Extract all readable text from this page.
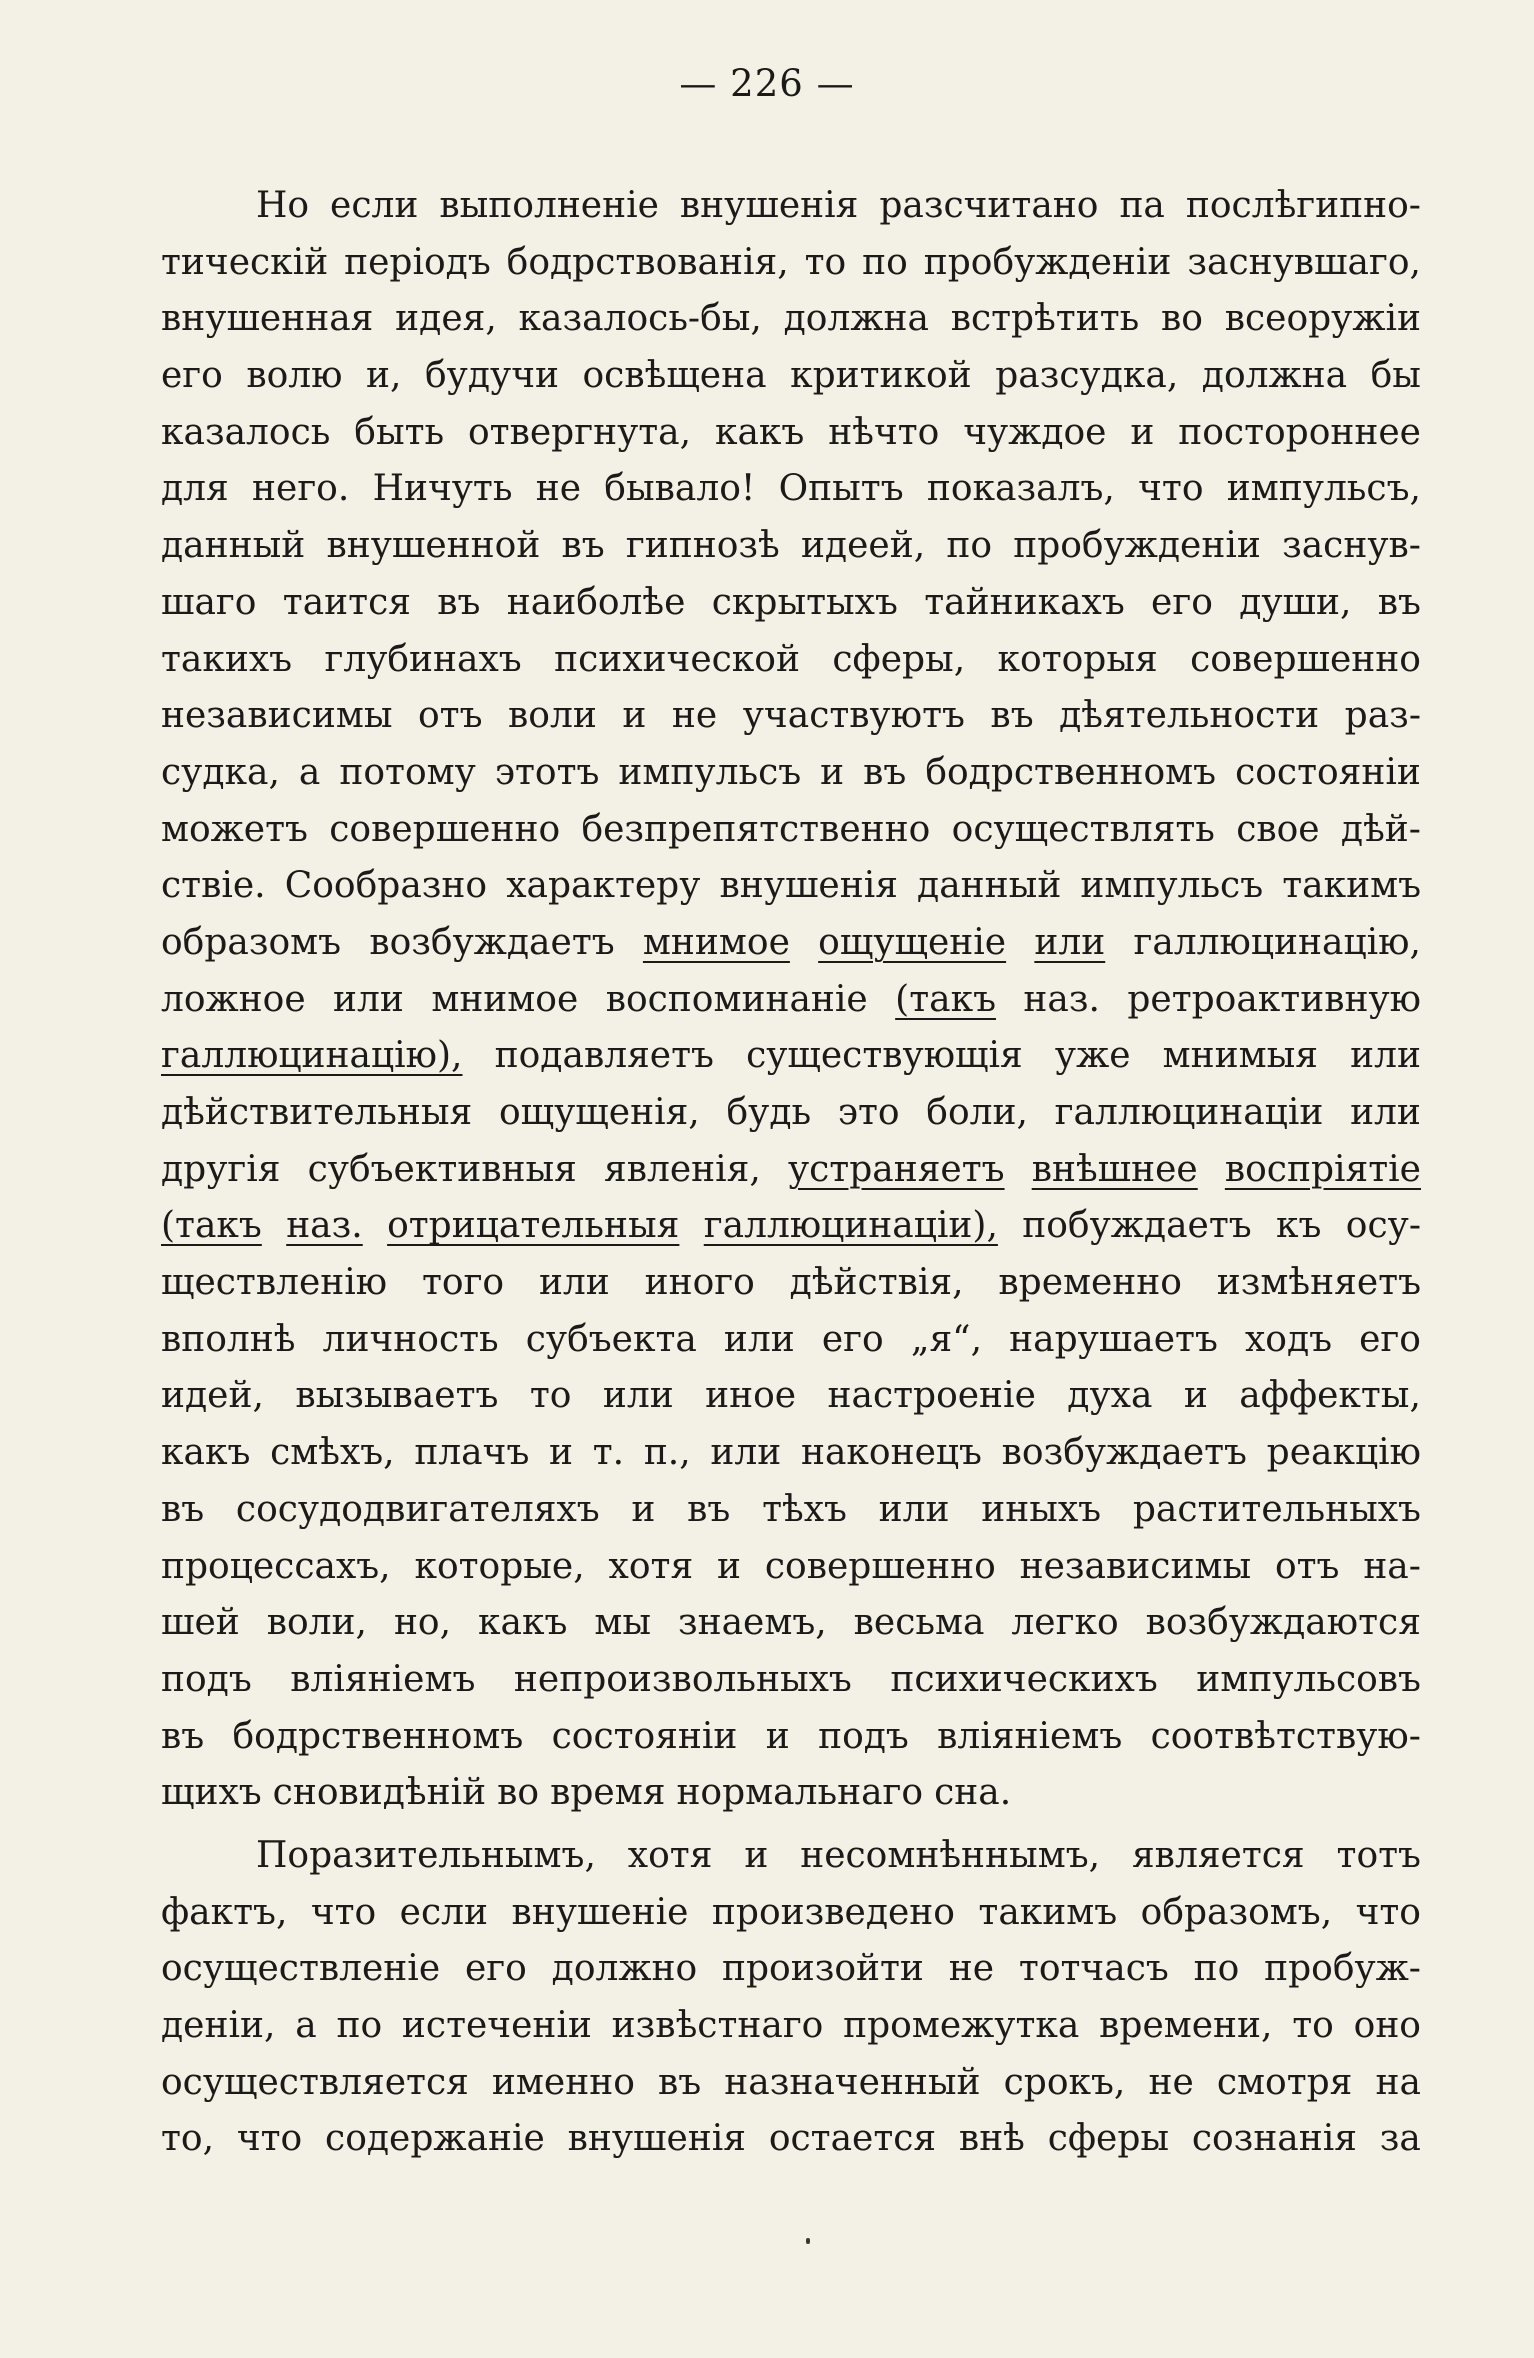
— 226 —
Но если выполненіе внушенія разсчитано па послѣгипно-
тическій періодъ бодрствованія, то по пробужденіи заснувшаго,
внушенная идея, казалось-бы, должна встрѣтить во всеоружіи
его волю и, будучи освѣщена критикой разсудка, должна бы
казалось быть отвергнута, какъ нѣчто чуждое и постороннее
для него. Ничуть не бывало! Опытъ показалъ, что импульсъ,
данный внушенной въ гипнозѣ идеей, по пробужденіи заснув-
шаго таится въ наиболѣе скрытыхъ тайникахъ его души, въ
такихъ глубинахъ психической сферы, которыя совершенно
независимы отъ воли и не участвуютъ въ дѣятельности раз-
судка, а потому этотъ импульсъ и въ бодрственномъ состояніи
можетъ совершенно безпрепятственно осуществлять свое дѣй-
ствіе. Сообразно характеру внушенія данный импульсъ такимъ
образомъ возбуждаетъ мнимое ощущеніе или галлюцинацію,
ложное или мнимое воспоминаніе (такъ наз. ретроактивную
галлюцинацію), подавляетъ существующія уже мнимыя или
дѣйствительныя ощущенія, будь это боли, галлюцинаціи или
другія субъективныя явленія, устраняетъ внѣшнее воспріятіе
(такъ наз. отрицательныя галлюцинаціи), побуждаетъ къ осу-
ществленію того или иного дѣйствія, временно измѣняетъ
вполнѣ личность субъекта или его „я“, нарушаетъ ходъ его
идей, вызываетъ то или иное настроеніе духа и аффекты,
какъ смѣхъ, плачъ и т. п., или наконецъ возбуждаетъ реакцію
въ сосудодвигателяхъ и въ тѣхъ или иныхъ растительныхъ
процессахъ, которые, хотя и совершенно независимы отъ на-
шей воли, но, какъ мы знаемъ, весьма легко возбуждаются
подъ вліяніемъ непроизвольныхъ психическихъ импульсовъ
въ бодрственномъ состояніи и подъ вліяніемъ соотвѣтствую-
щихъ сновидѣній во время нормальнаго сна.
Поразительнымъ, хотя и несомнѣннымъ, является тотъ
фактъ, что если внушеніе произведено такимъ образомъ, что
осуществленіе его должно произойти не тотчасъ по пробуж-
деніи, а по истеченіи извѣстнаго промежутка времени, то оно
осуществляется именно въ назначенный срокъ, не смотря на
то, что содержаніе внушенія остается внѣ сферы сознанія за
